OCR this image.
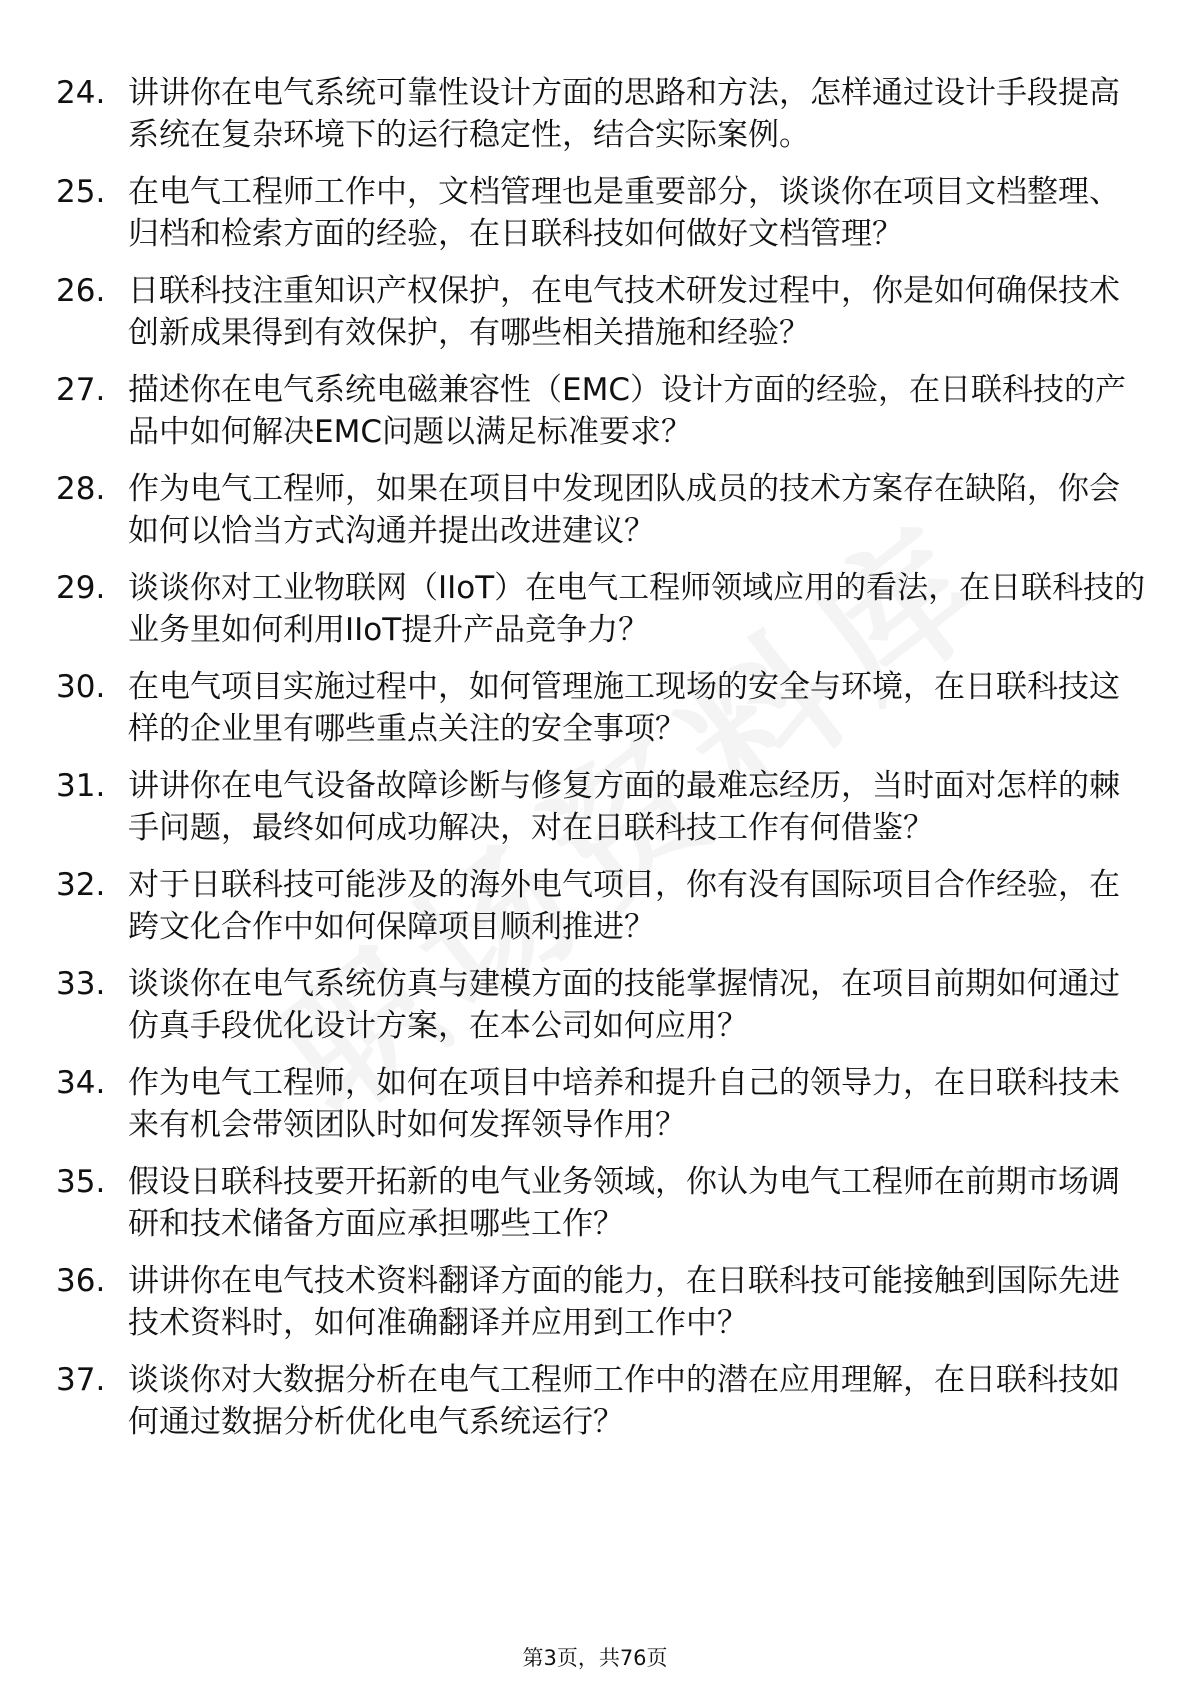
24. 讲讲你在电气系统可靠性设计方面的思路和方法，怎样通过设计手段提高系统在复杂环境下的运行稳定性，结合实际案例。
25. 在电气工程师工作中，文档管理也是重要部分，谈谈你在项目文档整理、归档和检索方面的经验，在日联科技如何做好文档管理？
26. 日联科技注重知识产权保护，在电气技术研发过程中，你是如何确保技术创新成果得到有效保护，有哪些相关措施和经验？
27. 描述你在电气系统电磁兼容性（EMC）设计方面的经验，在日联科技的产品中如何解决EMC问题以满足标准要求？
28. 作为电气工程师，如果在项目中发现团队成员的技术方案存在缺陷，你会如何以恰当方式沟通并提出改进建议？
29. 谈谈你对工业物联网（IIoT）在电气工程师领域应用的看法，在日联科技的业务里如何利用IIoT提升产品竞争力？
30. 在电气项目实施过程中，如何管理施工现场的安全与环境，在日联科技这样的企业里有哪些重点关注的安全事项？
31. 讲讲你在电气设备故障诊断与修复方面的最难忘经历，当时面对怎样的棘手问题，最终如何成功解决，对在日联科技工作有何借鉴？
32. 对于日联科技可能涉及的海外电气项目，你有没有国际项目合作经验，在跨文化合作中如何保障项目顺利推进？
33. 谈谈你在电气系统仿真与建模方面的技能掌握情况，在项目前期如何通过仿真手段优化设计方案，在本公司如何应用？
34. 作为电气工程师，如何在项目中培养和提升自己的领导力，在日联科技未来有机会带领团队时如何发挥领导作用？
35. 假设日联科技要开拓新的电气业务领域，你认为电气工程师在前期市场调研和技术储备方面应承担哪些工作？
36. 讲讲你在电气技术资料翻译方面的能力，在日联科技可能接触到国际先进技术资料时，如何准确翻译并应用到工作中？
37. 谈谈你对大数据分析在电气工程师工作中的潜在应用理解，在日联科技如何通过数据分析优化电气系统运行？
第3页，共76页
